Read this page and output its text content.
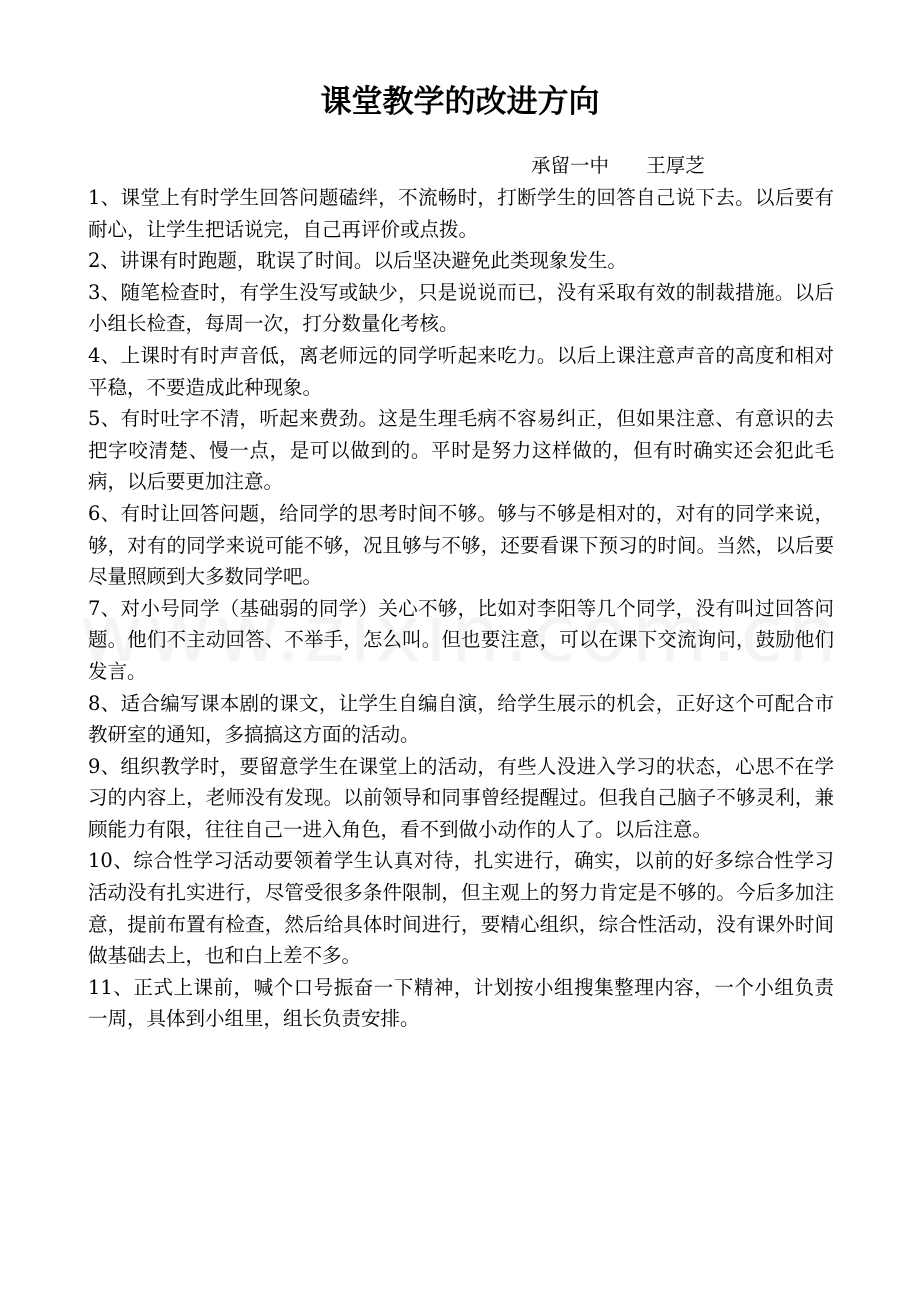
课堂教学的改进方向
承留一中      王厚芝

1、课堂上有时学生回答问题磕绊，不流畅时，打断学生的回答自己说下去。以后要有耐心，让学生把话说完，自己再评价或点拨。

2、讲课有时跑题，耽误了时间。以后坚决避免此类现象发生。

3、随笔检查时，有学生没写或缺少，只是说说而已，没有采取有效的制裁措施。以后小组长检查，每周一次，打分数量化考核。

4、上课时有时声音低，离老师远的同学听起来吃力。以后上课注意声音的高度和相对平稳，不要造成此种现象。

5、有时吐字不清，听起来费劲。这是生理毛病不容易纠正，但如果注意、有意识的去把字咬清楚、慢一点，是可以做到的。平时是努力这样做的，但有时确实还会犯此毛病，以后要更加注意。

6、有时让回答问题，给同学的思考时间不够。够与不够是相对的，对有的同学来说，够，对有的同学来说可能不够，况且够与不够，还要看课下预习的时间。当然，以后要尽量照顾到大多数同学吧。

7、对小号同学（基础弱的同学）关心不够，比如对李阳等几个同学，没有叫过回答问题。他们不主动回答、不举手，怎么叫。但也要注意，可以在课下交流询问，鼓励他们发言。

8、适合编写课本剧的课文，让学生自编自演，给学生展示的机会，正好这个可配合市教研室的通知，多搞搞这方面的活动。

9、组织教学时，要留意学生在课堂上的活动，有些人没进入学习的状态，心思不在学习的内容上，老师没有发现。以前领导和同事曾经提醒过。但我自己脑子不够灵利，兼顾能力有限，往往自己一进入角色，看不到做小动作的人了。以后注意。

10、综合性学习活动要领着学生认真对待，扎实进行，确实，以前的好多综合性学习活动没有扎实进行，尽管受很多条件限制，但主观上的努力肯定是不够的。今后多加注意，提前布置有检查，然后给具体时间进行，要精心组织，综合性活动，没有课外时间做基础去上，也和白上差不多。

11、正式上课前，喊个口号振奋一下精神，计划按小组搜集整理内容，一个小组负责一周，具体到小组里，组长负责安排。
